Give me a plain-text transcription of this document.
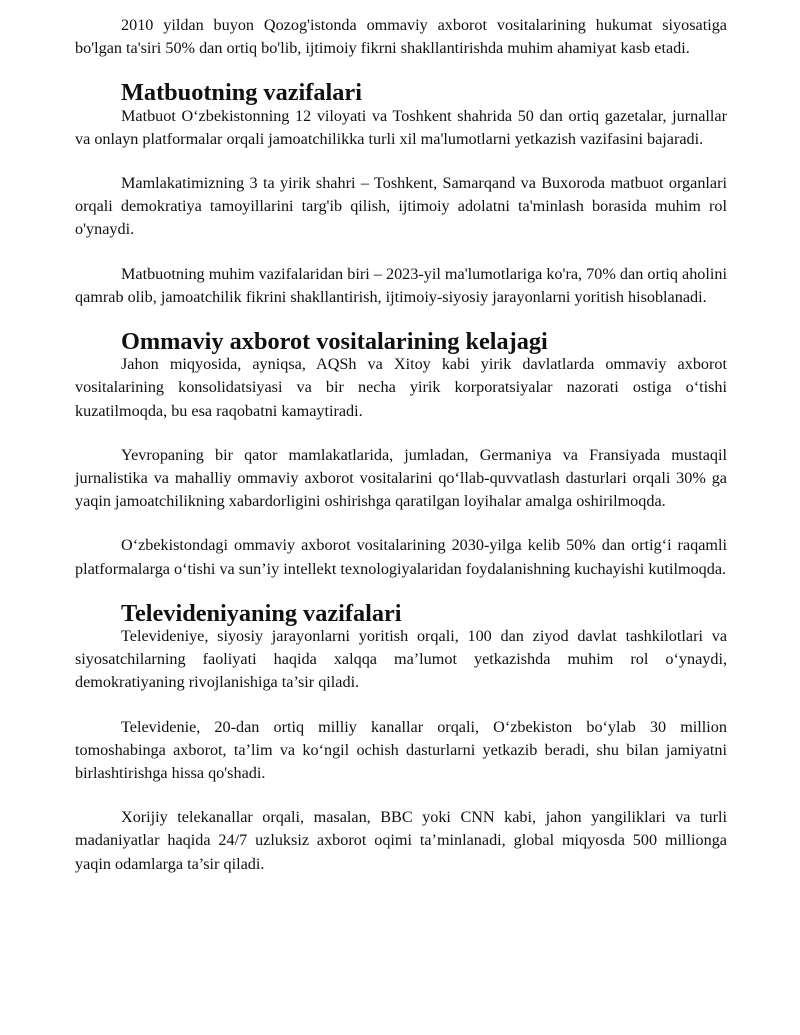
2010 yildan buyon Qozog'istonda ommaviy axborot vositalarining hukumat siyosatiga bo'lgan ta'siri 50% dan ortiq bo'lib, ijtimoiy fikrni shakllantirishda muhim ahamiyat kasb etadi.

Matbuotning vazifalari

Matbuot O‘zbekistonning 12 viloyati va Toshkent shahrida 50 dan ortiq gazetalar, jurnallar va onlayn platformalar orqali jamoatchilikka turli xil ma'lumotlarni yetkazish vazifasini bajaradi.

Mamlakatimizning 3 ta yirik shahri – Toshkent, Samarqand va Buxoroda matbuot organlari orqali demokratiya tamoyillarini targ'ib qilish, ijtimoiy adolatni ta'minlash borasida muhim rol o'ynaydi.

Matbuotning muhim vazifalaridan biri – 2023-yil ma'lumotlariga ko'ra, 70% dan ortiq aholini qamrab olib, jamoatchilik fikrini shakllantirish, ijtimoiy-siyosiy jarayonlarni yoritish hisoblanadi.

Ommaviy axborot vositalarining kelajagi

Jahon miqyosida, ayniqsa, AQSh va Xitoy kabi yirik davlatlarda ommaviy axborot vositalarining konsolidatsiyasi va bir necha yirik korporatsiyalar nazorati ostiga o‘tishi kuzatilmoqda, bu esa raqobatni kamaytiradi.

Yevropaning bir qator mamlakatlarida, jumladan, Germaniya va Fransiyada mustaqil jurnalistika va mahalliy ommaviy axborot vositalarini qo‘llab-quvvatlash dasturlari orqali 30% ga yaqin jamoatchilikning xabardorligini oshirishga qaratilgan loyihalar amalga oshirilmoqda.

O‘zbekistondagi ommaviy axborot vositalarining 2030-yilga kelib 50% dan ortig‘i raqamli platformalarga o‘tishi va sun’iy intellekt texnologiyalaridan foydalanishning kuchayishi kutilmoqda.

Televideniyaning vazifalari

Televideniye, siyosiy jarayonlarni yoritish orqali, 100 dan ziyod davlat tashkilotlari va siyosatchilarning faoliyati haqida xalqqa ma’lumot yetkazishda muhim rol o‘ynaydi, demokratiyaning rivojlanishiga ta’sir qiladi.

Televidenie, 20-dan ortiq milliy kanallar orqali, O‘zbekiston bo‘ylab 30 million tomoshabinga axborot, ta’lim va ko‘ngil ochish dasturlarni yetkazib beradi, shu bilan jamiyatni birlashtirishga hissa qo'shadi.

Xorijiy telekanallar orqali, masalan, BBC yoki CNN kabi, jahon yangiliklari va turli madaniyatlar haqida 24/7 uzluksiz axborot oqimi ta’minlanadi, global miqyosda 500 millionga yaqin odamlarga ta’sir qiladi.
